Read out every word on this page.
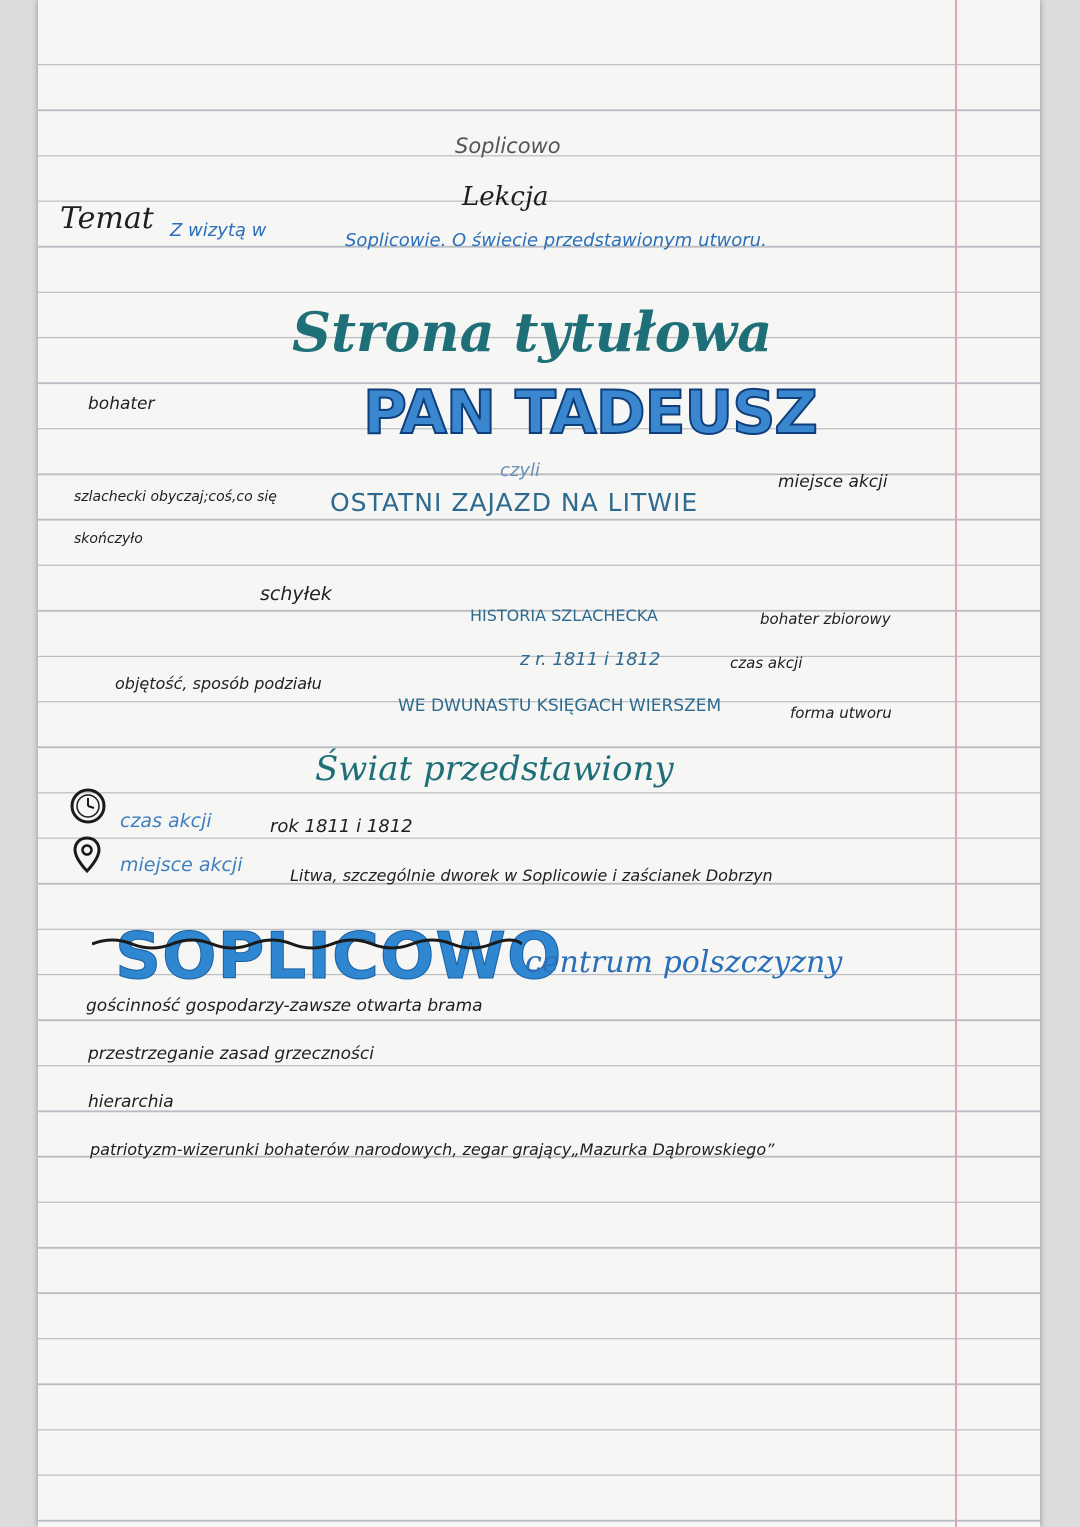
Soplicowo
Lekcja
Temat Z wizytą w	Soplicowie. O świecie przedstawionym utworu.
Strona tytułowa
PAN TADEUSZ
bohater
czyli
miejsce akcji
szlachecki obyczaj;coś,co się OSTATNI ZAJAZD NA LITWIE
skończyło
schyłek
HISTORIA SZLACHECKA	bohater zbiorowy
z r. 1811 i 1812	czas akcji
objętość, sposób podziału
WE DWUNASTU KSIĘGACH WIERSZEM	forma utworu
Świat przedstawiony
czas akcji	rok 1811 i 1812
miejsce akcji	Litwa, szczególnie dworek w Soplicowie i zaścianek Dobrzyn
SOPLICOWO
centrum polszczyzny
gościnność gospodarzy-zawsze otwarta brama
przestrzeganie zasad grzeczności
hierarchia
patriotyzm-wizerunki bohaterów narodowych, zegar grający„Mazurka Dąbrowskiego”
